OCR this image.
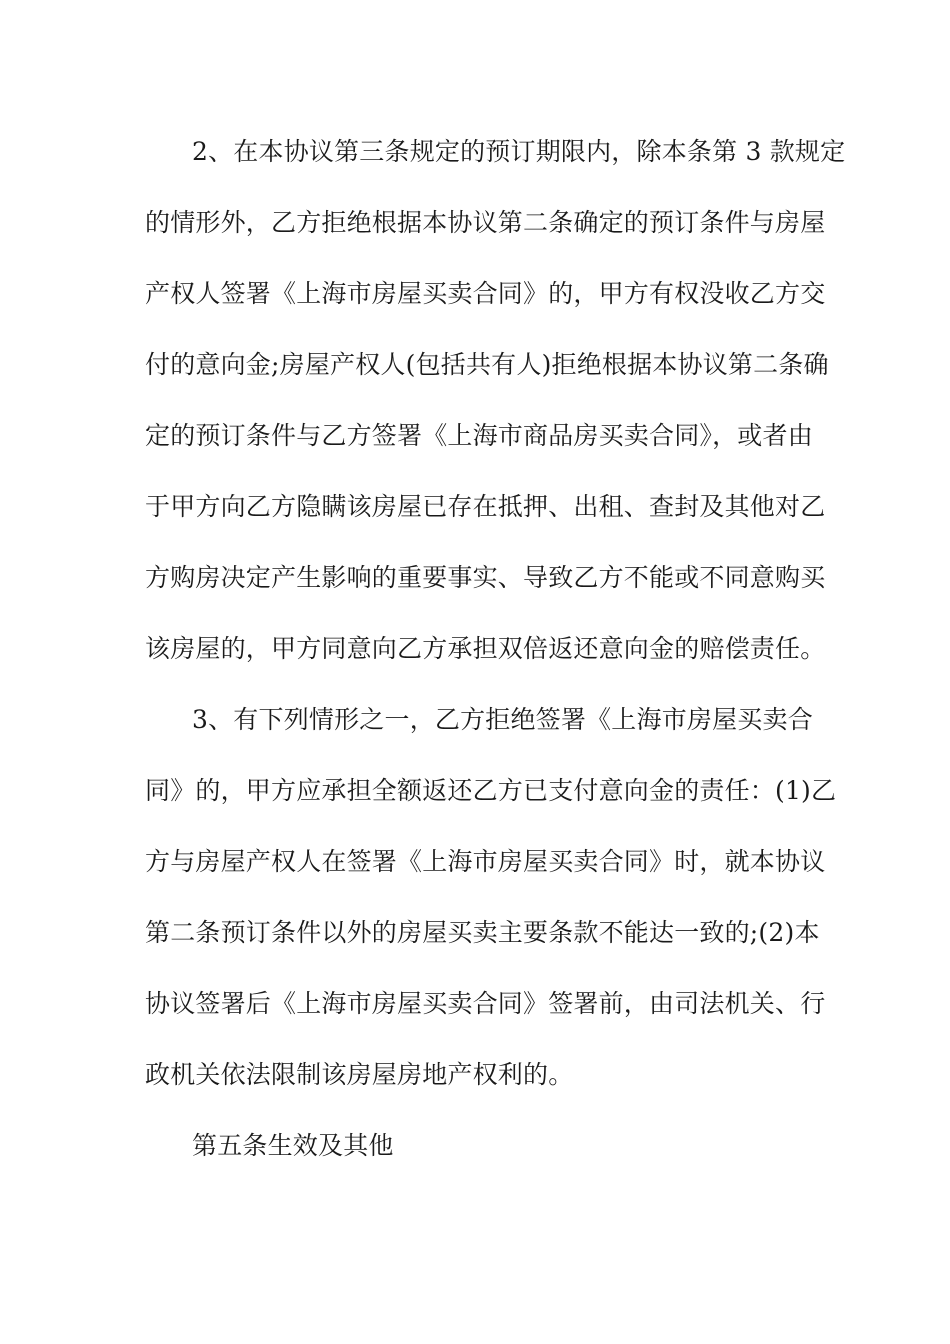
2、在本协议第三条规定的预订期限内，除本条第 3 款规定
的情形外，乙方拒绝根据本协议第二条确定的预订条件与房屋
产权人签署《上海市房屋买卖合同》的，甲方有权没收乙方交
付的意向金;房屋产权人(包括共有人)拒绝根据本协议第二条确
定的预订条件与乙方签署《上海市商品房买卖合同》，或者由
于甲方向乙方隐瞒该房屋已存在抵押、出租、查封及其他对乙
方购房决定产生影响的重要事实、导致乙方不能或不同意购买
该房屋的，甲方同意向乙方承担双倍返还意向金的赔偿责任。
3、有下列情形之一，乙方拒绝签署《上海市房屋买卖合
同》的，甲方应承担全额返还乙方已支付意向金的责任：(1)乙
方与房屋产权人在签署《上海市房屋买卖合同》时，就本协议
第二条预订条件以外的房屋买卖主要条款不能达一致的;(2)本
协议签署后《上海市房屋买卖合同》签署前，由司法机关、行
政机关依法限制该房屋房地产权利的。
第五条生效及其他
